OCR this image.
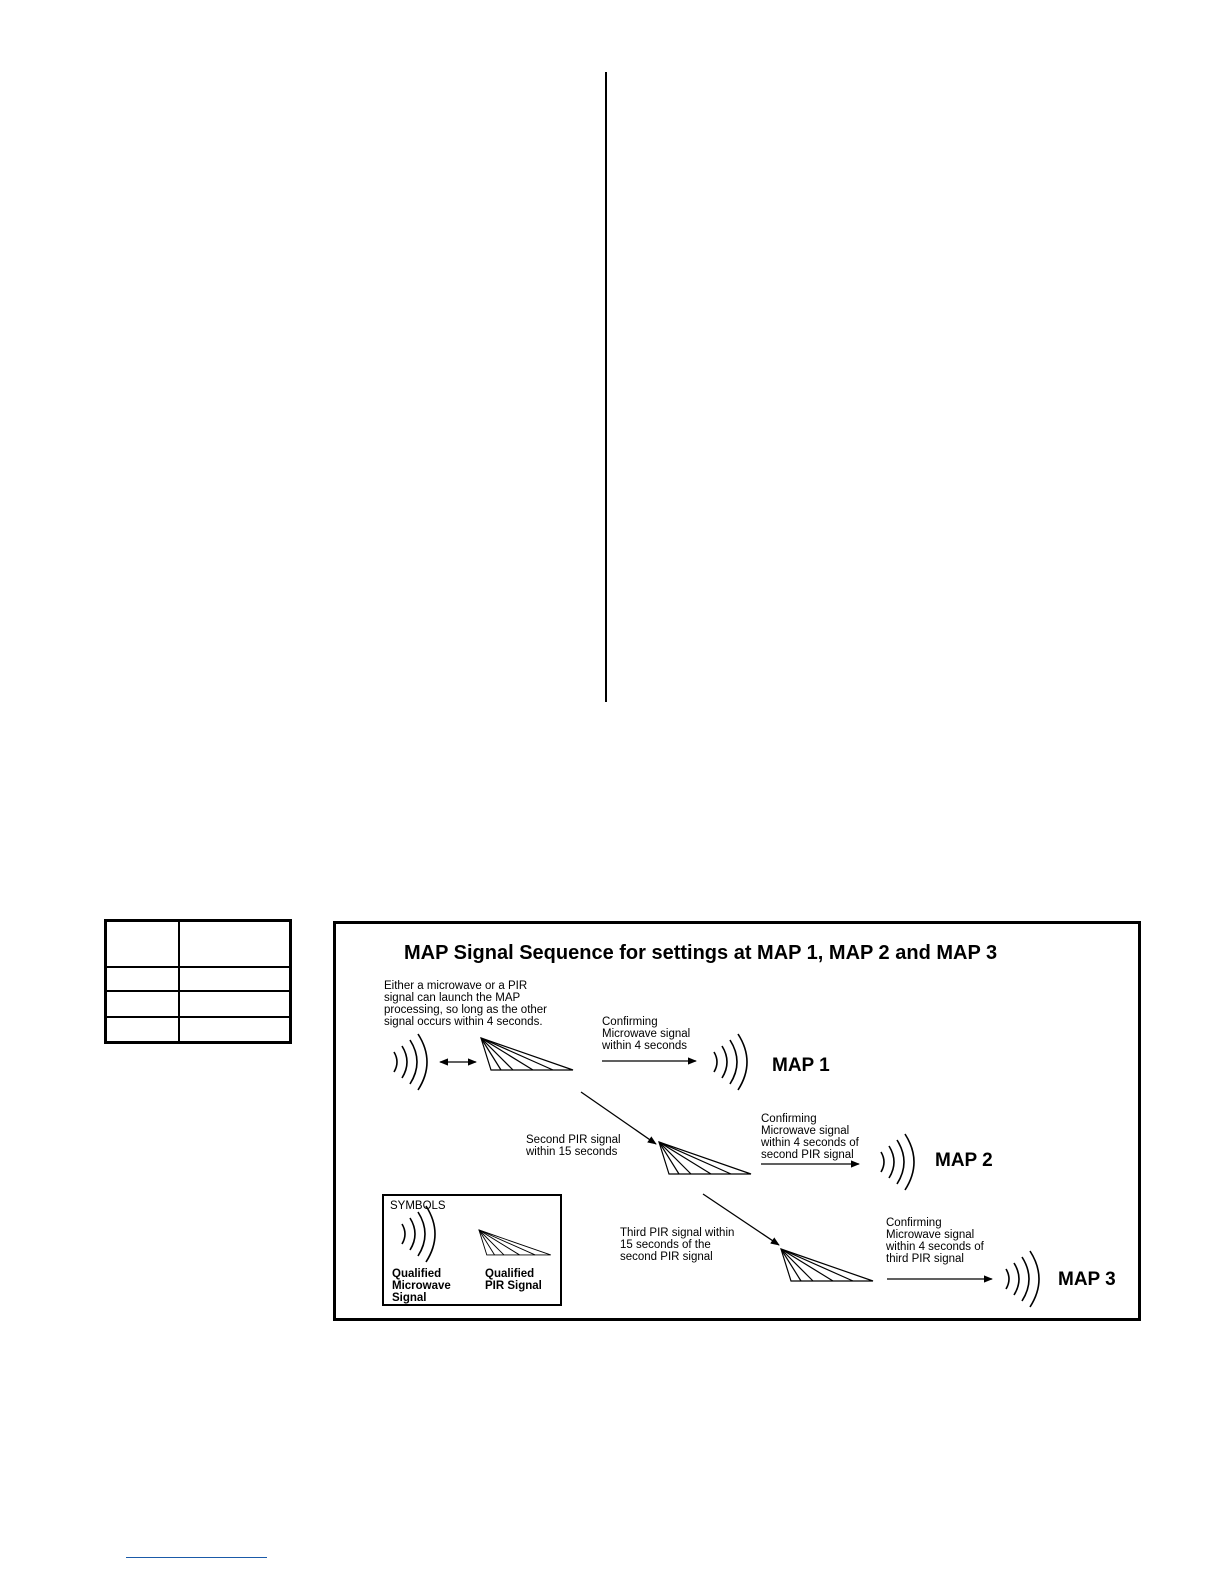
MAP Signal Sequence for settings at MAP 1, MAP 2 and MAP 3
Either a microwave or a PIR
signal can launch the MAP
processing, so long as the other
signal occurs within 4 seconds.	Confirming
Microwave signal
within 4 seconds
Second PIR signal
within 15 seconds
Confirming
Microwave signal
within 4 seconds of
second PIR signal
Third PIR signal within
15 seconds of the
second PIR signal
Confirming
Microwave signal
within 4 seconds of
third PIR signal
MAP 1
MAP 2
MAP 3
SYMBOLS
Qualified
Microwave
Signal
Qualified
PIR Signal
